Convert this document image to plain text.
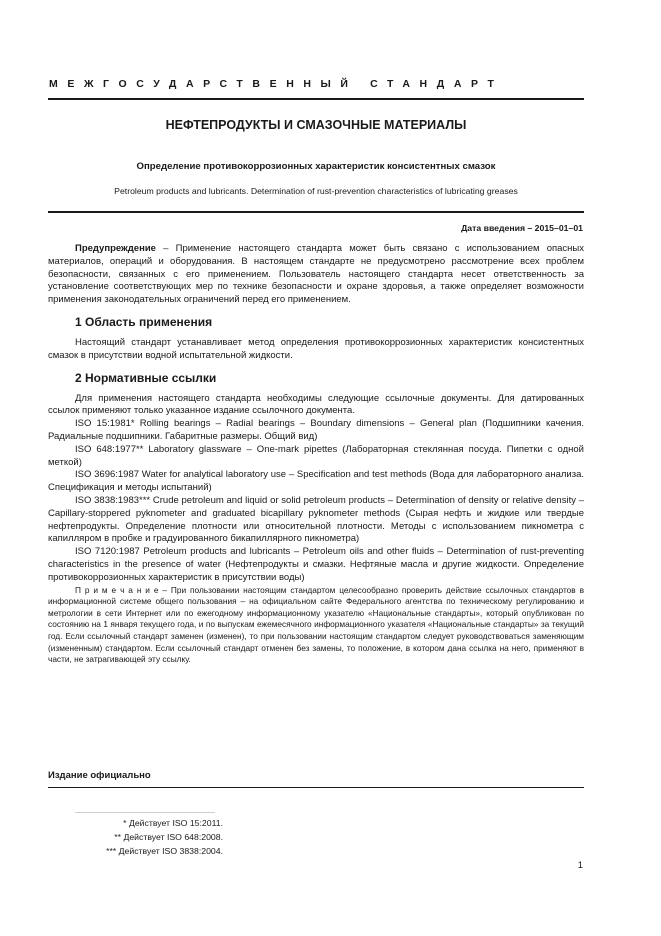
МЕЖГОСУДАРСТВЕННЫЙ СТАНДАРТ
НЕФТЕПРОДУКТЫ И СМАЗОЧНЫЕ МАТЕРИАЛЫ
Определение противокоррозионных характеристик консистентных смазок
Petroleum products and lubricants. Determination of rust-prevention characteristics of lubricating greases
Дата введения – 2015–01–01

Предупреждение – Применение настоящего стандарта может быть связано с использованием опасных материалов, операций и оборудования. В настоящем стандарте не предусмотрено рассмотрение всех проблем безопасности, связанных с его применением. Пользователь настоящего стандарта несет ответственность за установление соответствующих мер по технике безопасности и охране здоровья, а также определяет возможности применения законодательных ограничений перед его применением.

1 Область применения

Настоящий стандарт устанавливает метод определения противокоррозионных характеристик консистентных смазок в присутствии водной испытательной жидкости.

2 Нормативные ссылки

Для применения настоящего стандарта необходимы следующие ссылочные документы. Для датированных ссылок применяют только указанное издание ссылочного документа.

ISO 15:1981* Rolling bearings – Radial bearings – Boundary dimensions – General plan (Подшипники качения. Радиальные подшипники. Габаритные размеры. Общий вид)

ISO 648:1977** Laboratory glassware – One-mark pipettes (Лабораторная стеклянная посуда. Пипетки с одной меткой)

ISO 3696:1987 Water for analytical laboratory use – Specification and test methods (Вода для лабораторного анализа. Спецификация и методы испытаний)

ISO 3838:1983*** Crude petroleum and liquid or solid petroleum products – Determination of density or relative density – Capillary-stoppered pyknometer and graduated bicapillary pyknometer methods (Сырая нефть и жидкие или твердые нефтепродукты. Определение плотности или относительной плотности. Методы с использованием пикнометра с капилляром в пробке и градуированного бикапиллярного пикнометра)

ISO 7120:1987 Petroleum products and lubricants – Petroleum oils and other fluids – Determination of rust-preventing characteristics in the presence of water (Нефтепродукты и смазки. Нефтяные масла и другие жидкости. Определение противокоррозионных характеристик в присутствии воды)

П р и м е ч а н и е – При пользовании настоящим стандартом целесообразно проверить действие ссылочных стандартов в информационной системе общего пользования – на официальном сайте Федерального агентства по техническому регулированию и метрологии в сети Интернет или по ежегодному информационному указателю «Национальные стандарты», который опубликован по состоянию на 1 января текущего года, и по выпускам ежемесячного информационного указателя «Национальные стандарты» за текущий год. Если ссылочный стандарт заменен (изменен), то при пользовании настоящим стандартом следует руководствоваться заменяющим (измененным) стандартом. Если ссылочный стандарт отменен без замены, то положение, в котором дана ссылка на него, применяют в части, не затрагивающей эту ссылку.

Издание официально
* Действует ISO 15:2011.
** Действует ISO 648:2008.
*** Действует ISO 3838:2004.
1
